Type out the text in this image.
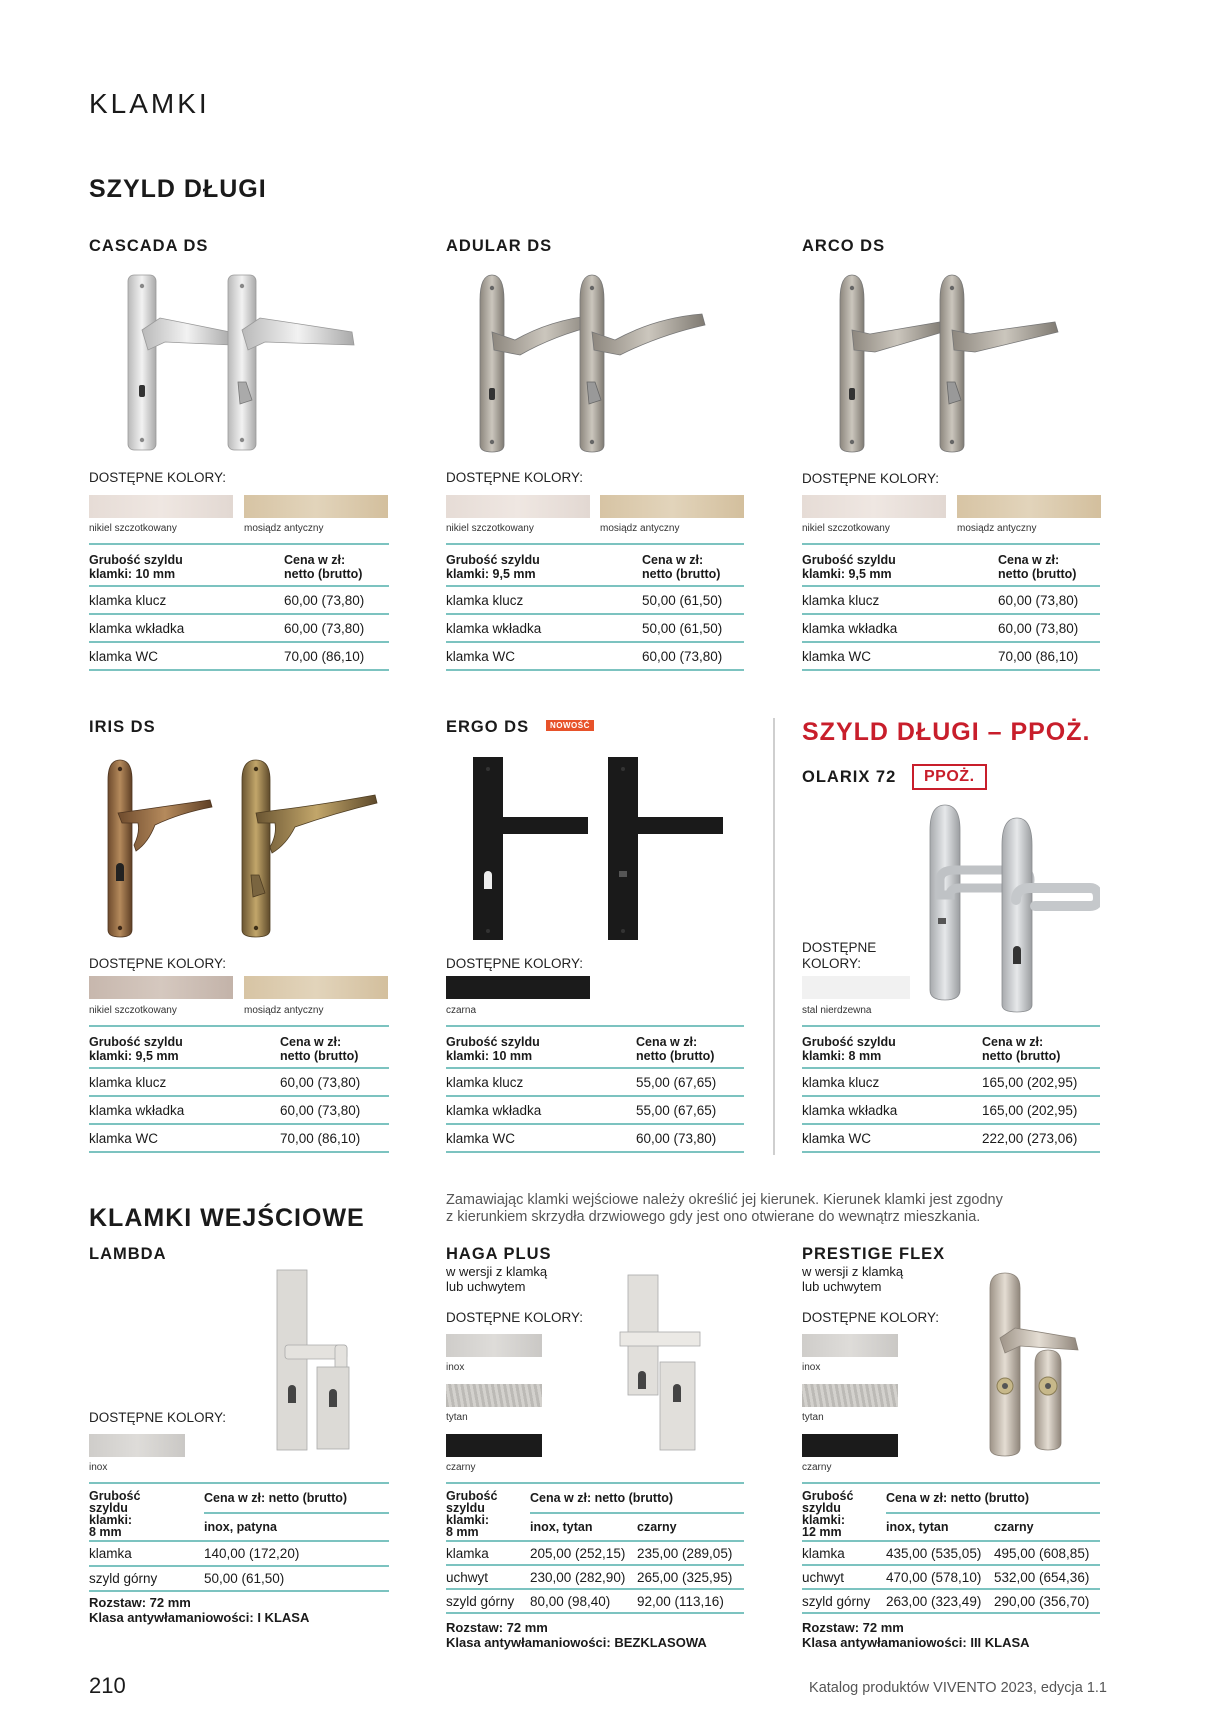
KLAMKI
SZYLD DŁUGI
CASCADA DS
DOSTĘPNE KOLORY:
nikiel szczotkowany	mosiądz antyczny
Grubość szyldu
klamki: 10 mm	Cena w zł:
netto (brutto)
klamka klucz	60,00 (73,80)
klamka wkładka	60,00 (73,80)
klamka WC	70,00 (86,10)
ADULAR DS
DOSTĘPNE KOLORY:
nikiel szczotkowany	mosiądz antyczny
Grubość szyldu
klamki: 9,5 mm	Cena w zł:
netto (brutto)
klamka klucz	50,00 (61,50)
klamka wkładka	50,00 (61,50)
klamka WC	60,00 (73,80)
ARCO DS
DOSTĘPNE KOLORY:
nikiel szczotkowany	mosiądz antyczny
Grubość szyldu
klamki: 9,5 mm	Cena w zł:
netto (brutto)
klamka klucz	60,00 (73,80)
klamka wkładka	60,00 (73,80)
klamka WC	70,00 (86,10)
IRIS DS
DOSTĘPNE KOLORY:
nikiel szczotkowany	mosiądz antyczny
Grubość szyldu
klamki: 9,5 mm	Cena w zł:
netto (brutto)
klamka klucz	60,00 (73,80)
klamka wkładka	60,00 (73,80)
klamka WC	70,00 (86,10)
ERGO DS	NOWOŚĆ
DOSTĘPNE KOLORY:
czarna
Grubość szyldu
klamki: 10 mm	Cena w zł:
netto (brutto)
klamka klucz	55,00 (67,65)
klamka wkładka	55,00 (67,65)
klamka WC	60,00 (73,80)
SZYLD DŁUGI – PPOŻ.
OLARIX 72	PPOŻ.
DOSTĘPNE
KOLORY:
stal nierdzewna
Grubość szyldu
klamki: 8 mm	Cena w zł:
netto (brutto)
klamka klucz	165,00 (202,95)
klamka wkładka	165,00 (202,95)
klamka WC	222,00 (273,06)
KLAMKI WEJŚCIOWE
Zamawiając klamki wejściowe należy określić jej kierunek. Kierunek klamki jest zgodny
z kierunkiem skrzydła drzwiowego gdy jest ono otwierane do wewnątrz mieszkania.
LAMBDA
DOSTĘPNE KOLORY:
inox
Grubość
szyldu
klamki:
8 mm	Cena w zł: netto (brutto)
	inox, patyna
klamka	140,00 (172,20)
szyld górny	50,00 (61,50)
Rozstaw: 72 mm
Klasa antywłamaniowości: I KLASA
HAGA PLUS
w wersji z klamką
lub uchwytem
DOSTĘPNE KOLORY:
inox
tytan
czarny
Grubość
szyldu
klamki:
8 mm	Cena w zł: netto (brutto)	
	inox, tytan	czarny
klamka	205,00 (252,15)	235,00 (289,05)
uchwyt	230,00 (282,90)	265,00 (325,95)
szyld górny	80,00 (98,40)	92,00 (113,16)
Rozstaw: 72 mm
Klasa antywłamaniowości: BEZKLASOWA
PRESTIGE FLEX
w wersji z klamką
lub uchwytem
DOSTĘPNE KOLORY:
inox
tytan
czarny
Grubość
szyldu
klamki:
12 mm	Cena w zł: netto (brutto)	
	inox, tytan	czarny
klamka	435,00 (535,05)	495,00 (608,85)
uchwyt	470,00 (578,10)	532,00 (654,36)
szyld górny	263,00 (323,49)	290,00 (356,70)
Rozstaw: 72 mm
Klasa antywłamaniowości: III KLASA
210	Katalog produktów VIVENTO 2023, edycja 1.1
